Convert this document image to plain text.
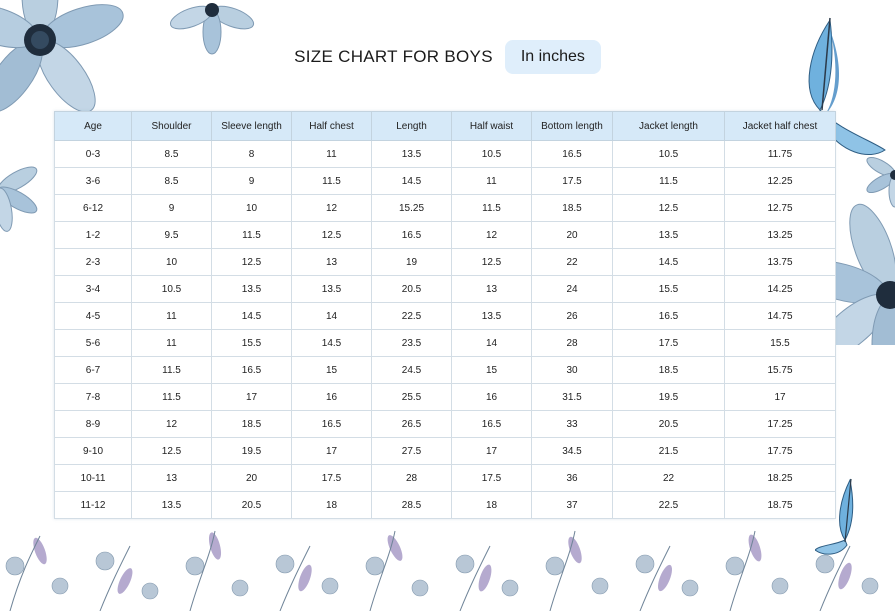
SIZE CHART FOR BOYS	In inches
Age	Shoulder	Sleeve length	Half chest	Length	Half waist	Bottom length	Jacket length	Jacket half chest
0-3	8.5	8	11	13.5	10.5	16.5	10.5	11.75
3-6	8.5	9	11.5	14.5	11	17.5	11.5	12.25
6-12	9	10	12	15.25	11.5	18.5	12.5	12.75
1-2	9.5	11.5	12.5	16.5	12	20	13.5	13.25
2-3	10	12.5	13	19	12.5	22	14.5	13.75
3-4	10.5	13.5	13.5	20.5	13	24	15.5	14.25
4-5	11	14.5	14	22.5	13.5	26	16.5	14.75
5-6	11	15.5	14.5	23.5	14	28	17.5	15.5
6-7	11.5	16.5	15	24.5	15	30	18.5	15.75
7-8	11.5	17	16	25.5	16	31.5	19.5	17
8-9	12	18.5	16.5	26.5	16.5	33	20.5	17.25
9-10	12.5	19.5	17	27.5	17	34.5	21.5	17.75
10-11	13	20	17.5	28	17.5	36	22	18.25
11-12	13.5	20.5	18	28.5	18	37	22.5	18.75
